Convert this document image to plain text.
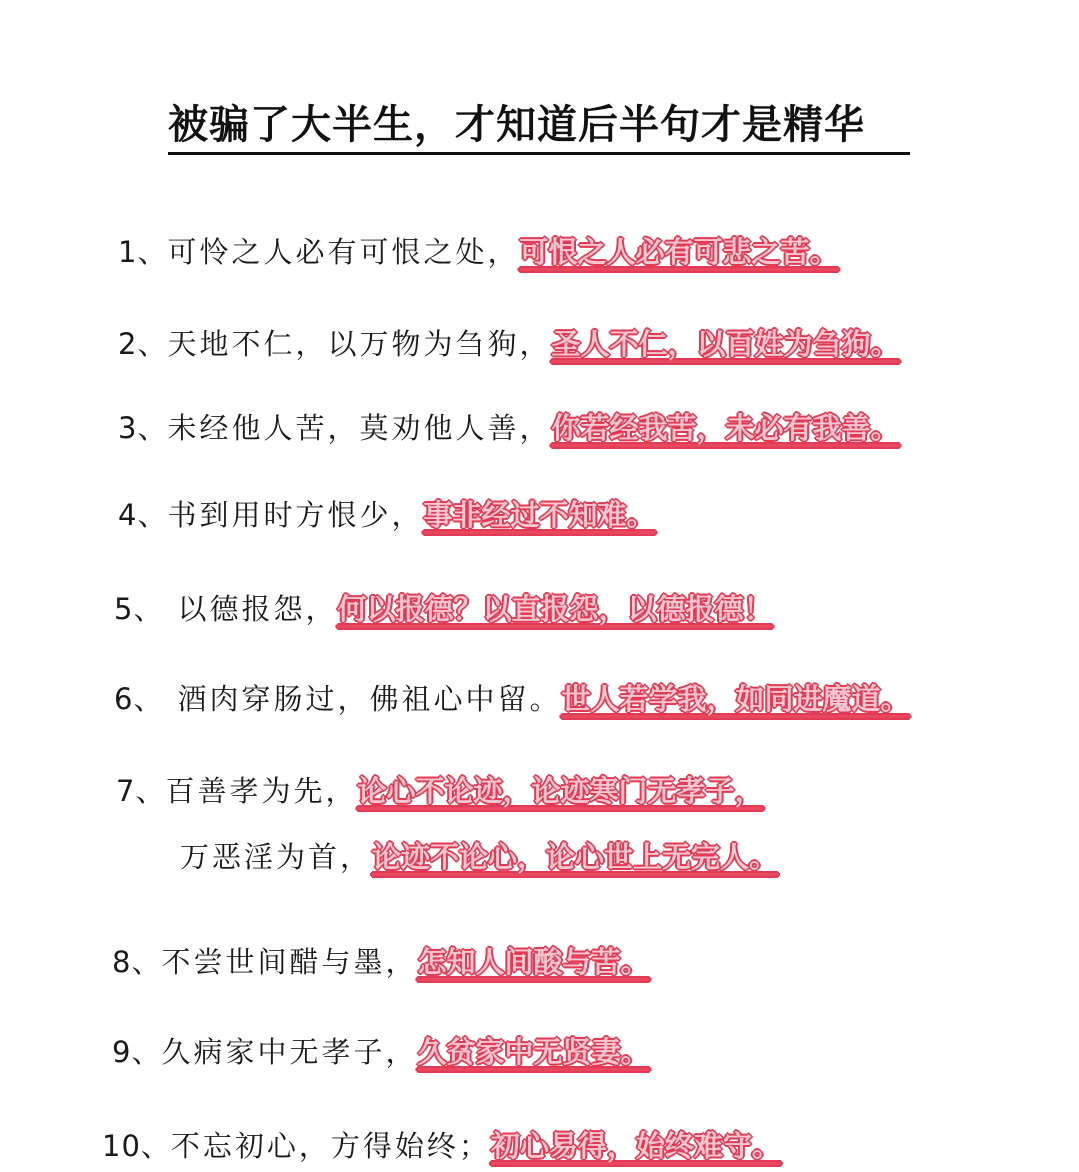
被骗了大半生，才知道后半句才是精华
1、可怜之人必有可恨之处，可恨之人必有可悲之苦。
2、天地不仁，以万物为刍狗，圣人不仁，以百姓为刍狗。
3、未经他人苦，莫劝他人善，你若经我苦，未必有我善。
4、书到用时方恨少，事非经过不知难。
5、 以德报怨，何以报德？以直报怨，以德报德！
6、 酒肉穿肠过，佛祖心中留。世人若学我，如同进魔道。
7、百善孝为先，论心不论迹，论迹寒门无孝子，
万恶淫为首，论迹不论心，论心世上无完人。
8、不尝世间醋与墨，怎知人间酸与苦。
9、久病家中无孝子，久贫家中无贤妻。
10、不忘初心，方得始终；初心易得，始终难守。
